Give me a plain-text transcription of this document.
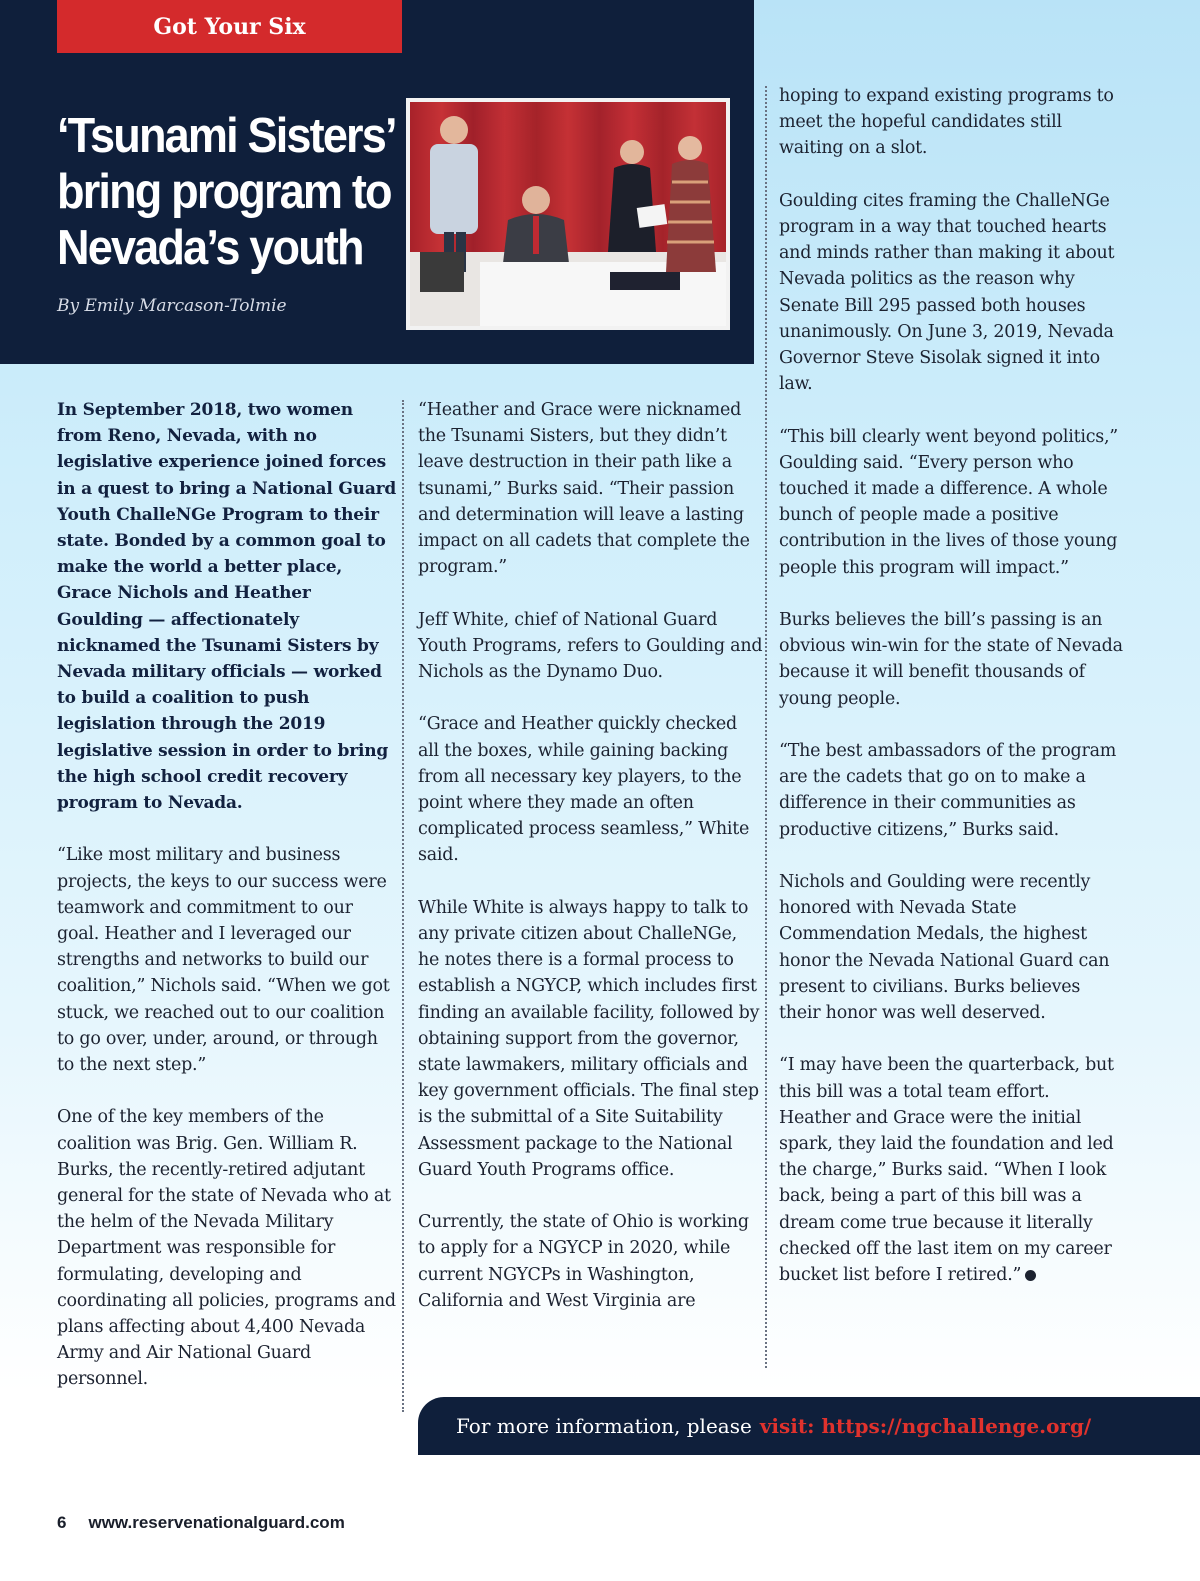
Got Your Six
‘Tsunami Sisters’
bring program to
Nevada’s youth
By Emily Marcason-Tolmie

In September 2018, two women from Reno, Nevada, with no legislative experience joined forces in a quest to bring a National Guard Youth ChalleNGe Program to their state. Bonded by a common goal to make the world a better place, Grace Nichols and Heather Goulding — affectionately nicknamed the Tsunami Sisters by Nevada military officials — worked to build a coalition to push legislation through the 2019 legislative session in order to bring the high school credit recovery program to Nevada.

“Like most military and business projects, the keys to our success were teamwork and commitment to our goal. Heather and I leveraged our strengths and networks to build our coalition,” Nichols said. “When we got stuck, we reached out to our coalition to go over, under, around, or through to the next step.”

One of the key members of the coalition was Brig. Gen. William R. Burks, the recently-retired adjutant general for the state of Nevada who at the helm of the Nevada Military Department was responsible for formulating, developing and coordinating all policies, programs and plans affecting about 4,400 Nevada Army and Air National Guard personnel.

“Heather and Grace were nicknamed the Tsunami Sisters, but they didn’t leave destruction in their path like a tsunami,” Burks said. “Their passion and determination will leave a lasting impact on all cadets that complete the program.”

Jeff White, chief of National Guard Youth Programs, refers to Goulding and Nichols as the Dynamo Duo.

“Grace and Heather quickly checked all the boxes, while gaining backing from all necessary key players, to the point where they made an often complicated process seamless,” White said.

While White is always happy to talk to any private citizen about ChalleNGe, he notes there is a formal process to establish a NGYCP, which includes first finding an available facility, followed by obtaining support from the governor, state lawmakers, military officials and key government officials. The final step is the submittal of a Site Suitability Assessment package to the National Guard Youth Programs office.

Currently, the state of Ohio is working to apply for a NGYCP in 2020, while current NGYCPs in Washington, California and West Virginia are

hoping to expand existing programs to meet the hopeful candidates still waiting on a slot.

Goulding cites framing the ChalleNGe program in a way that touched hearts and minds rather than making it about Nevada politics as the reason why Senate Bill 295 passed both houses unanimously. On June 3, 2019, Nevada Governor Steve Sisolak signed it into law.

“This bill clearly went beyond politics,” Goulding said. “Every person who touched it made a difference. A whole bunch of people made a positive contribution in the lives of those young people this program will impact.”

Burks believes the bill’s passing is an obvious win-win for the state of Nevada because it will benefit thousands of young people.

“The best ambassadors of the program are the cadets that go on to make a difference in their communities as productive citizens,” Burks said.

Nichols and Goulding were recently honored with Nevada State Commendation Medals, the highest honor the Nevada National Guard can present to civilians. Burks believes their honor was well deserved.

“I may have been the quarterback, but this bill was a total team effort. Heather and Grace were the initial spark, they laid the foundation and led the charge,” Burks said. “When I look back, being a part of this bill was a dream come true because it literally checked off the last item on my career bucket list before I retired.”

For more information, please visit: https://ngchallenge.org/
6 www.reservenationalguard.com
